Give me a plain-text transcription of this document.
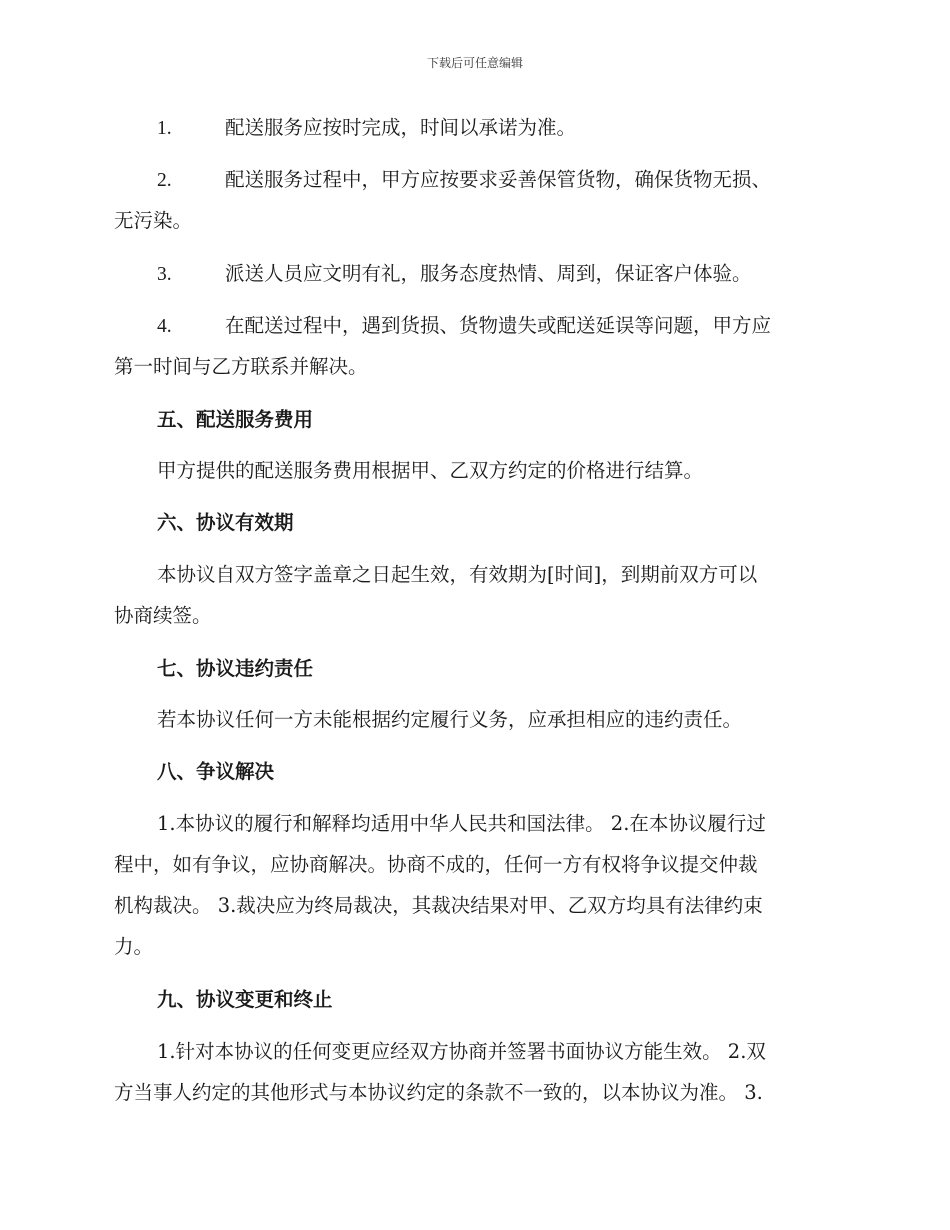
下载后可任意编辑
1.	配送服务应按时完成，时间以承诺为准。
2.	配送服务过程中，甲方应按要求妥善保管货物，确保货物无损、
无污染。
3.	派送人员应文明有礼，服务态度热情、周到，保证客户体验。
4.	在配送过程中，遇到货损、货物遗失或配送延误等问题，甲方应
第一时间与乙方联系并解决。
五、配送服务费用
甲方提供的配送服务费用根据甲、乙双方约定的价格进行结算。
六、协议有效期
本协议自双方签字盖章之日起生效，有效期为[时间]，到期前双方可以
协商续签。
七、协议违约责任
若本协议任何一方未能根据约定履行义务，应承担相应的违约责任。
八、争议解决
1.本协议的履行和解释均适用中华人民共和国法律。 2.在本协议履行过
程中，如有争议，应协商解决。协商不成的，任何一方有权将争议提交仲裁
机构裁决。 3.裁决应为终局裁决，其裁决结果对甲、乙双方均具有法律约束
力。
九、协议变更和终止
1.针对本协议的任何变更应经双方协商并签署书面协议方能生效。 2.双
方当事人约定的其他形式与本协议约定的条款不一致的，以本协议为准。 3.
